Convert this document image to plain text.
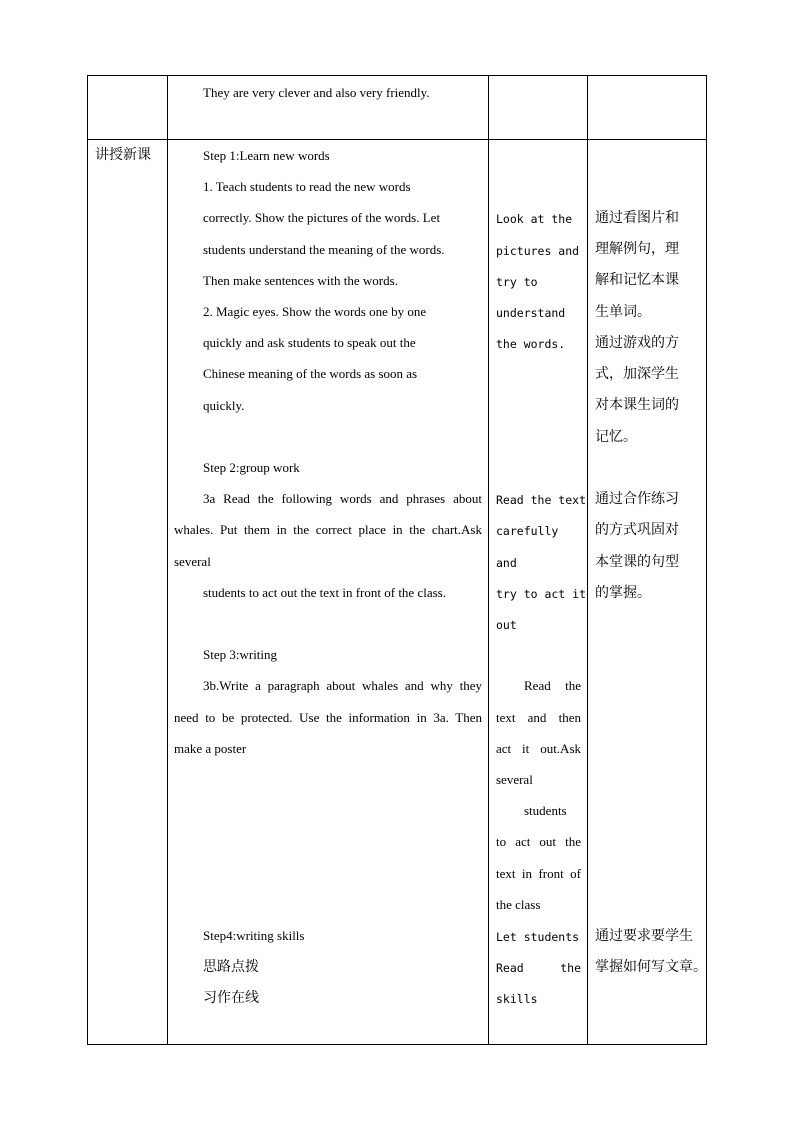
They are very clever and also very friendly.
讲授新课	Step 1:Learn new words
1. Teach students to read the new words
correctly. Show the pictures of the words. Let
students understand the meaning of the words.
Then make sentences with the words.
2. Magic eyes. Show the words one by one
quickly and ask students to speak out the
Chinese meaning of the words as soon as
quickly.
Step 2:group work
3a Read the following words and phrases about
whales. Put them in the correct place in the chart.Ask
several
students to act out the text in front of the class.
Step 3:writing
3b.Write a paragraph about whales and why they
need to be protected. Use the information in 3a. Then
make a poster
Step4:writing skills
思路点拨
习作在线
Look at the
pictures and
try to
understand
the words.
Read the text
carefully
and
try to act it
out
Read the
text and then
act it out.Ask
several
students
to act out the
text in front of
the class
Let students
Read the
skills
通过看图片和
理解例句，理
解和记忆本课
生单词。
通过游戏的方
式，加深学生
对本课生词的
记忆。
通过合作练习
的方式巩固对
本堂课的句型
的掌握。
通过要求要学生
掌握如何写文章。
